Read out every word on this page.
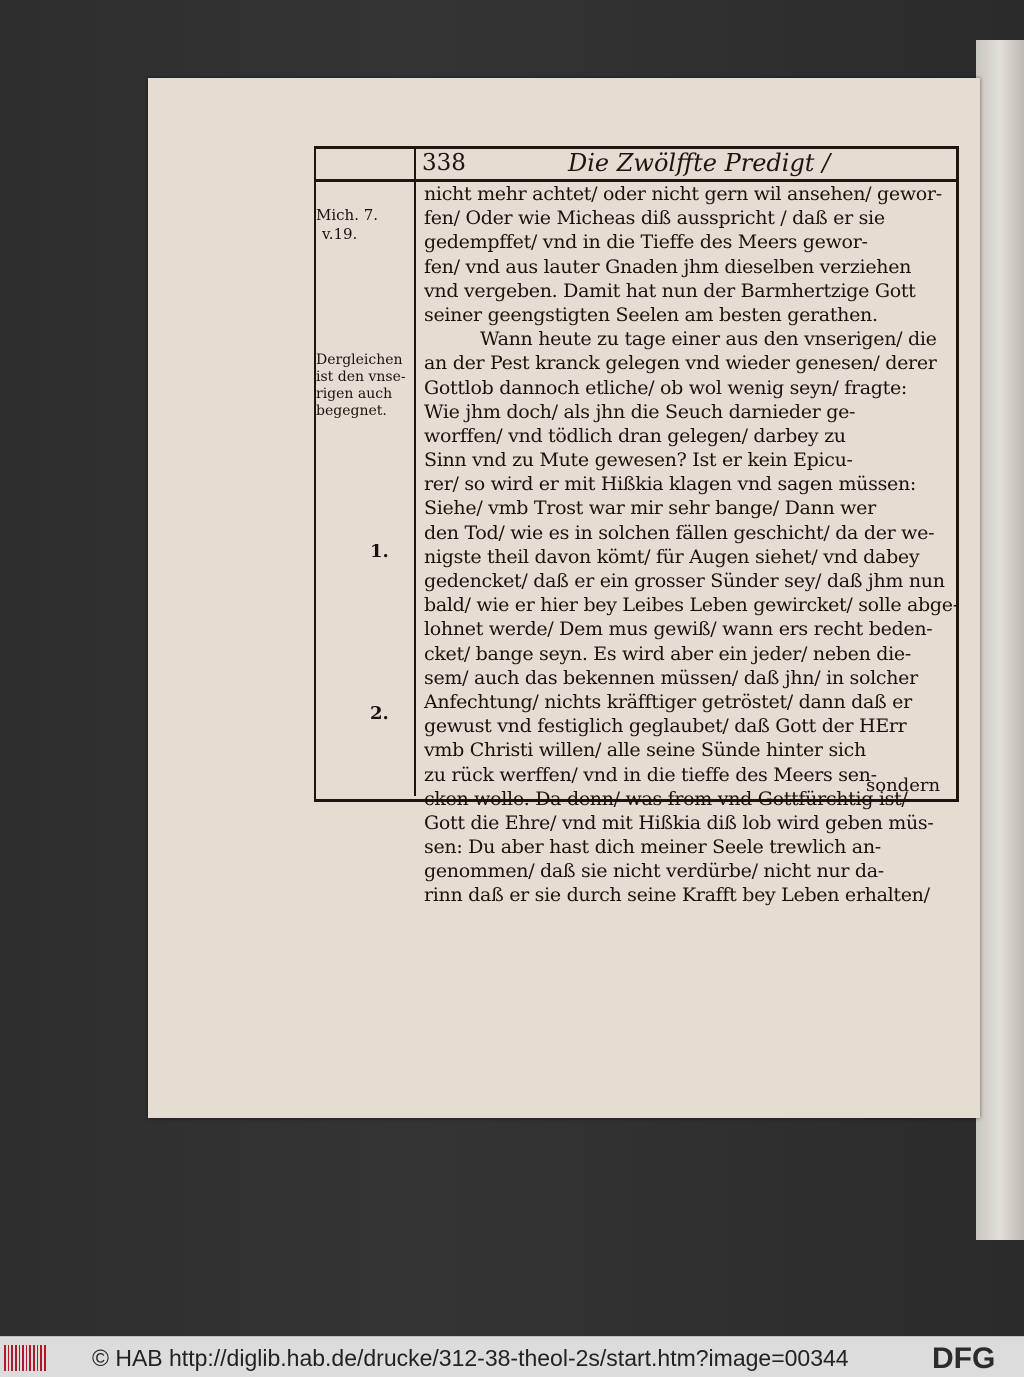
338	Die Zwölffte Predigt /
Mich. 7.
v.19.
Dergleichen
ist den vnse-
rigen auch
begegnet.
1.
2.
nicht mehr achtet/ oder nicht gern wil ansehen/ gewor-
fen/ Oder wie Micheas diß ausspricht / daß er sie
gedempffet/ vnd in die Tieffe des Meers gewor-
fen/ vnd aus lauter Gnaden jhm dieselben verziehen
vnd vergeben. Damit hat nun der Barmhertzige Gott
seiner geengstigten Seelen am besten gerathen.
Wann heute zu tage einer aus den vnserigen/ die
an der Pest kranck gelegen vnd wieder genesen/ derer
Gottlob dannoch etliche/ ob wol wenig seyn/ fragte:
Wie jhm doch/ als jhn die Seuch darnieder ge-
worffen/ vnd tödlich dran gelegen/ darbey zu
Sinn vnd zu Mute gewesen? Ist er kein Epicu-
rer/ so wird er mit Hißkia klagen vnd sagen müssen:
Siehe/ vmb Trost war mir sehr bange/ Dann wer
den Tod/ wie es in solchen fällen geschicht/ da der we-
nigste theil davon kömt/ für Augen siehet/ vnd dabey
gedencket/ daß er ein grosser Sünder sey/ daß jhm nun
bald/ wie er hier bey Leibes Leben gewircket/ solle abge-
lohnet werde/ Dem mus gewiß/ wann ers recht beden-
cket/ bange seyn. Es wird aber ein jeder/ neben die-
sem/ auch das bekennen müssen/ daß jhn/ in solcher
Anfechtung/ nichts kräfftiger getröstet/ dann daß er
gewust vnd festiglich geglaubet/ daß Gott der HErr
vmb Christi willen/ alle seine Sünde hinter sich
zu rück werffen/ vnd in die tieffe des Meers sen-
cken wolle. Da denn/ was from vnd Gottfürchtig ist/
Gott die Ehre/ vnd mit Hißkia diß lob wird geben müs-
sen: Du aber hast dich meiner Seele trewlich an-
genommen/ daß sie nicht verdürbe/ nicht nur da-
rinn daß er sie durch seine Krafft bey Leben erhalten/
sondern
© HAB http://diglib.hab.de/drucke/312-38-theol-2s/start.htm?image=00344	DFG
